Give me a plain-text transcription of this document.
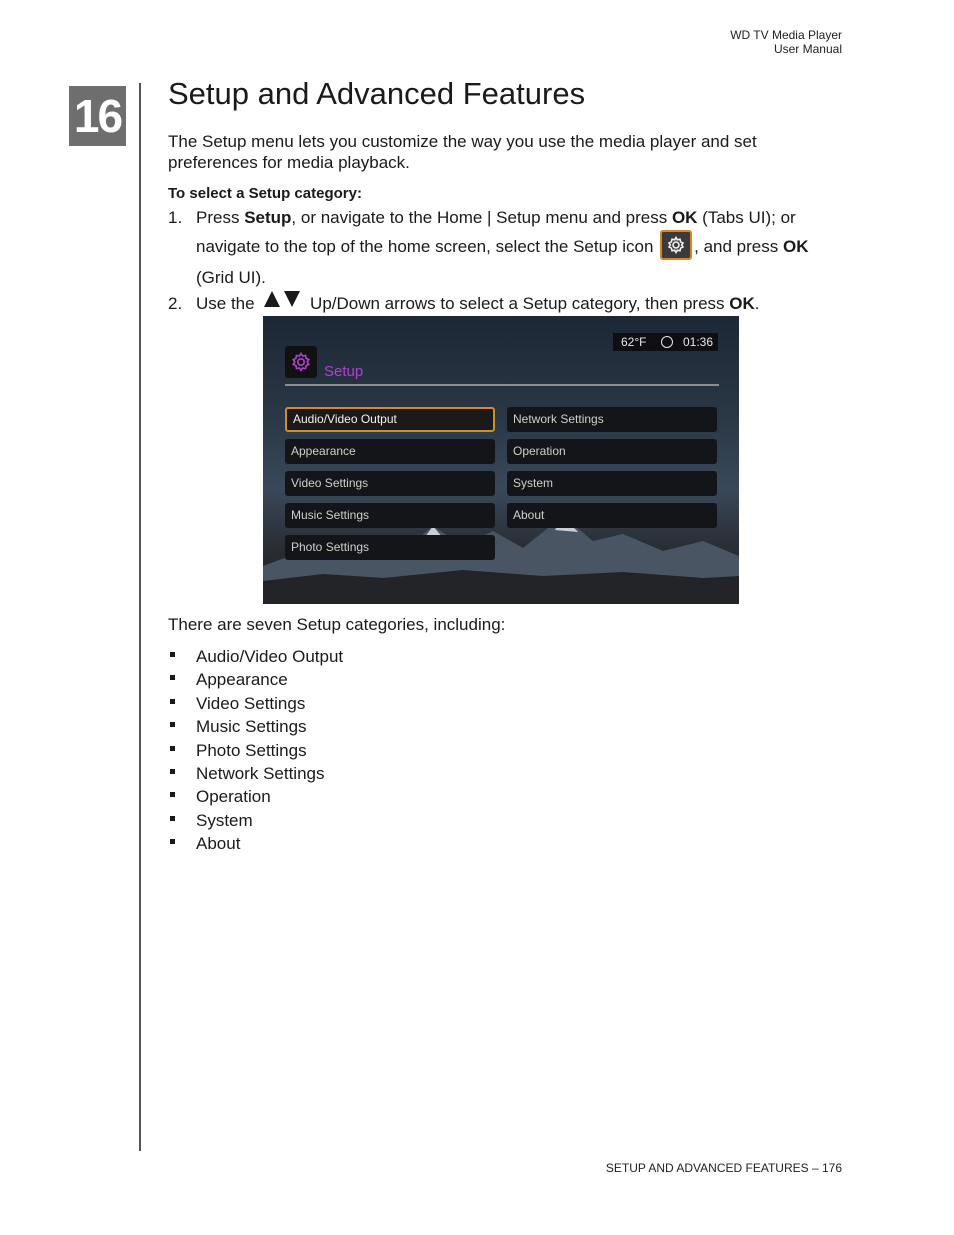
WD TV Media Player
User Manual
16 Setup and Advanced Features

The Setup menu lets you customize the way you use the media player and set preferences for media playback.

To select a Setup category:

1. Press Setup, or navigate to the Home | Setup menu and press OK (Tabs UI); or navigate to the top of the home screen, select the Setup icon
, and press OK (Grid UI).
2. Use the	Up/Down arrows to select a Setup category, then press OK.
62°F	01:36
Setup
Audio/Video Output
Appearance
Video Settings
Music Settings
Photo Settings
Network Settings
Operation
System
About

There are seven Setup categories, including:

Audio/Video Output
Appearance
Video Settings
Music Settings
Photo Settings
Network Settings
Operation
System
About
SETUP AND ADVANCED FEATURES – 176
